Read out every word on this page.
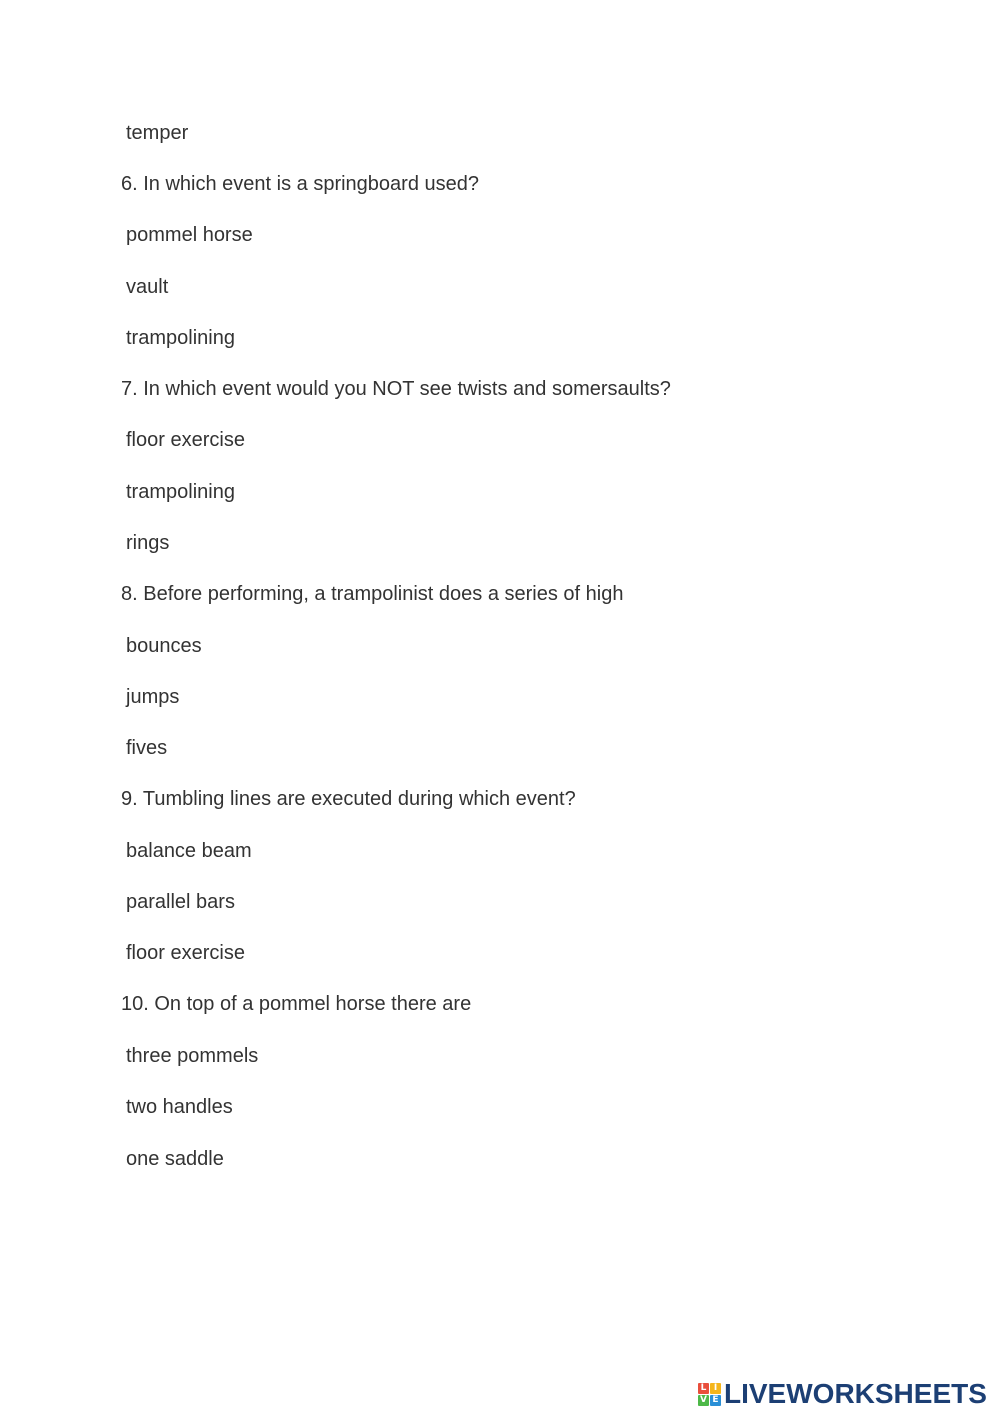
temper
6. In which event is a springboard used?
pommel horse
vault
trampolining
7. In which event would you NOT see twists and somersaults?
floor exercise
trampolining
rings
8. Before performing, a trampolinist does a series of high
bounces
jumps
fives
9. Tumbling lines are executed during which event?
balance beam
parallel bars
floor exercise
10. On top of a pommel horse there are
three pommels
two handles
one saddle
L I
V E LIVEWORKSHEETS
